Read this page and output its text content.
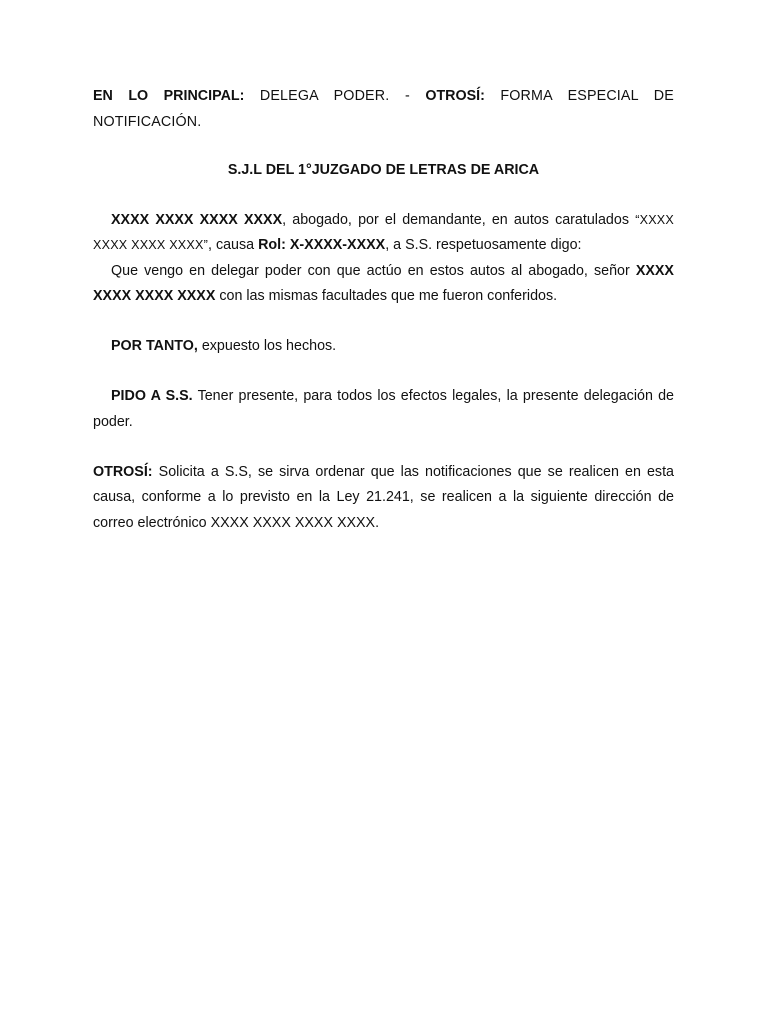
EN LO PRINCIPAL: DELEGA PODER. - OTROSÍ: FORMA ESPECIAL DE NOTIFICACIÓN.

S.J.L DEL 1°JUZGADO DE LETRAS DE ARICA

XXXX XXXX XXXX XXXX, abogado, por el demandante, en autos caratulados “XXXX XXXX XXXX XXXX”, causa Rol: X-XXXX-XXXX, a S.S. respetuosamente digo:

Que vengo en delegar poder con que actúo en estos autos al abogado, señor XXXX XXXX XXXX XXXX con las mismas facultades que me fueron conferidos.

POR TANTO, expuesto los hechos.

PIDO A S.S. Tener presente, para todos los efectos legales, la presente delegación de poder.

OTROSÍ: Solicita a S.S, se sirva ordenar que las notificaciones que se realicen en esta causa, conforme a lo previsto en la Ley 21.241, se realicen a la siguiente dirección de correo electrónico XXXX XXXX XXXX XXXX.
